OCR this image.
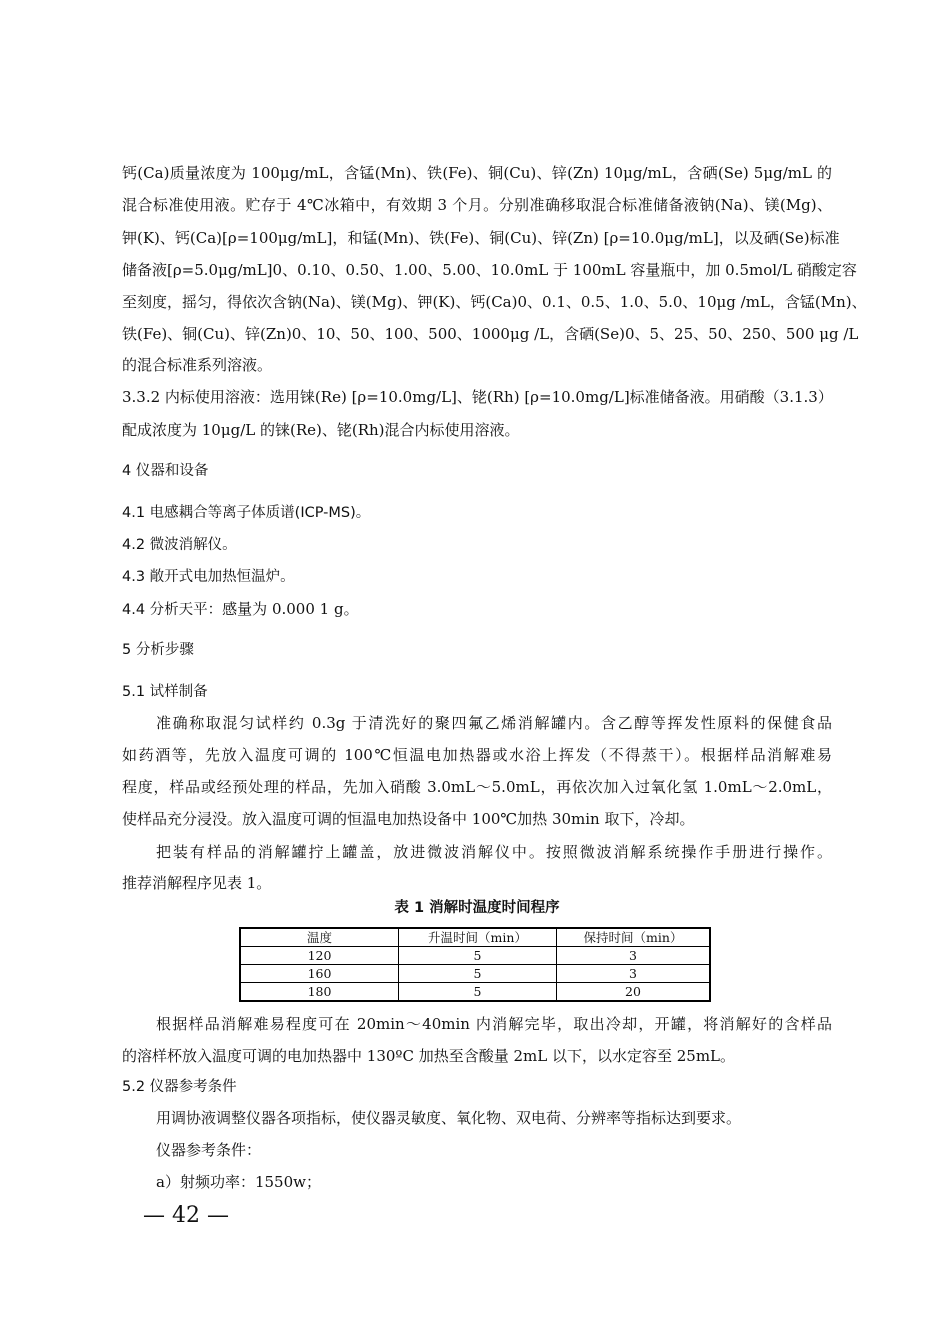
钙(Ca)质量浓度为 100μg/mL，含锰(Mn)、铁(Fe)、铜(Cu)、锌(Zn) 10μg/mL，含硒(Se) 5μg/mL 的
混合标准使用液。贮存于 4℃冰箱中，有效期 3 个月。分别准确移取混合标准储备液钠(Na)、镁(Mg)、
钾(K)、钙(Ca)[ρ=100μg/mL]，和锰(Mn)、铁(Fe)、铜(Cu)、锌(Zn) [ρ=10.0μg/mL]，以及硒(Se)标准
储备液[ρ=5.0μg/mL]0、0.10、0.50、1.00、5.00、10.0mL 于 100mL 容量瓶中，加 0.5mol/L 硝酸定容
至刻度，摇匀，得依次含钠(Na)、镁(Mg)、钾(K)、钙(Ca)0、0.1、0.5、1.0、5.0、10μg /mL，含锰(Mn)、
铁(Fe)、铜(Cu)、锌(Zn)0、10、50、100、500、1000μg /L，含硒(Se)0、5、25、50、250、500 μg /L
的混合标准系列溶液。
3.3.2 内标使用溶液：选用铼(Re) [ρ=10.0mg/L]、铑(Rh) [ρ=10.0mg/L]标准储备液。用硝酸（3.1.3）
配成浓度为 10μg/L 的铼(Re)、铑(Rh)混合内标使用溶液。
4 仪器和设备
4.1 电感耦合等离子体质谱(ICP-MS)。
4.2 微波消解仪。
4.3 敞开式电加热恒温炉。
4.4 分析天平：感量为 0.000 1 g。
5 分析步骤
5.1 试样制备
准确称取混匀试样约 0.3g 于清洗好的聚四氟乙烯消解罐内。含乙醇等挥发性原料的保健食品
如药酒等，先放入温度可调的 100℃恒温电加热器或水浴上挥发（不得蒸干）。根据样品消解难易
程度，样品或经预处理的样品，先加入硝酸 3.0mL～5.0mL，再依次加入过氧化氢 1.0mL～2.0mL，
使样品充分浸没。放入温度可调的恒温电加热设备中 100℃加热 30min 取下，冷却。
把装有样品的消解罐拧上罐盖，放进微波消解仪中。按照微波消解系统操作手册进行操作。
推荐消解程序见表 1。
表 1 消解时温度时间程序
温度	升温时间（min）	保持时间（min）
120	5	3
160	5	3
180	5	20
根据样品消解难易程度可在 20min～40min 内消解完毕，取出冷却，开罐，将消解好的含样品
的溶样杯放入温度可调的电加热器中 130ºC 加热至含酸量 2mL 以下，以水定容至 25mL。
5.2 仪器参考条件
用调协液调整仪器各项指标，使仪器灵敏度、氧化物、双电荷、分辨率等指标达到要求。
仪器参考条件：
a）射频功率：1550w；
— 42 —
